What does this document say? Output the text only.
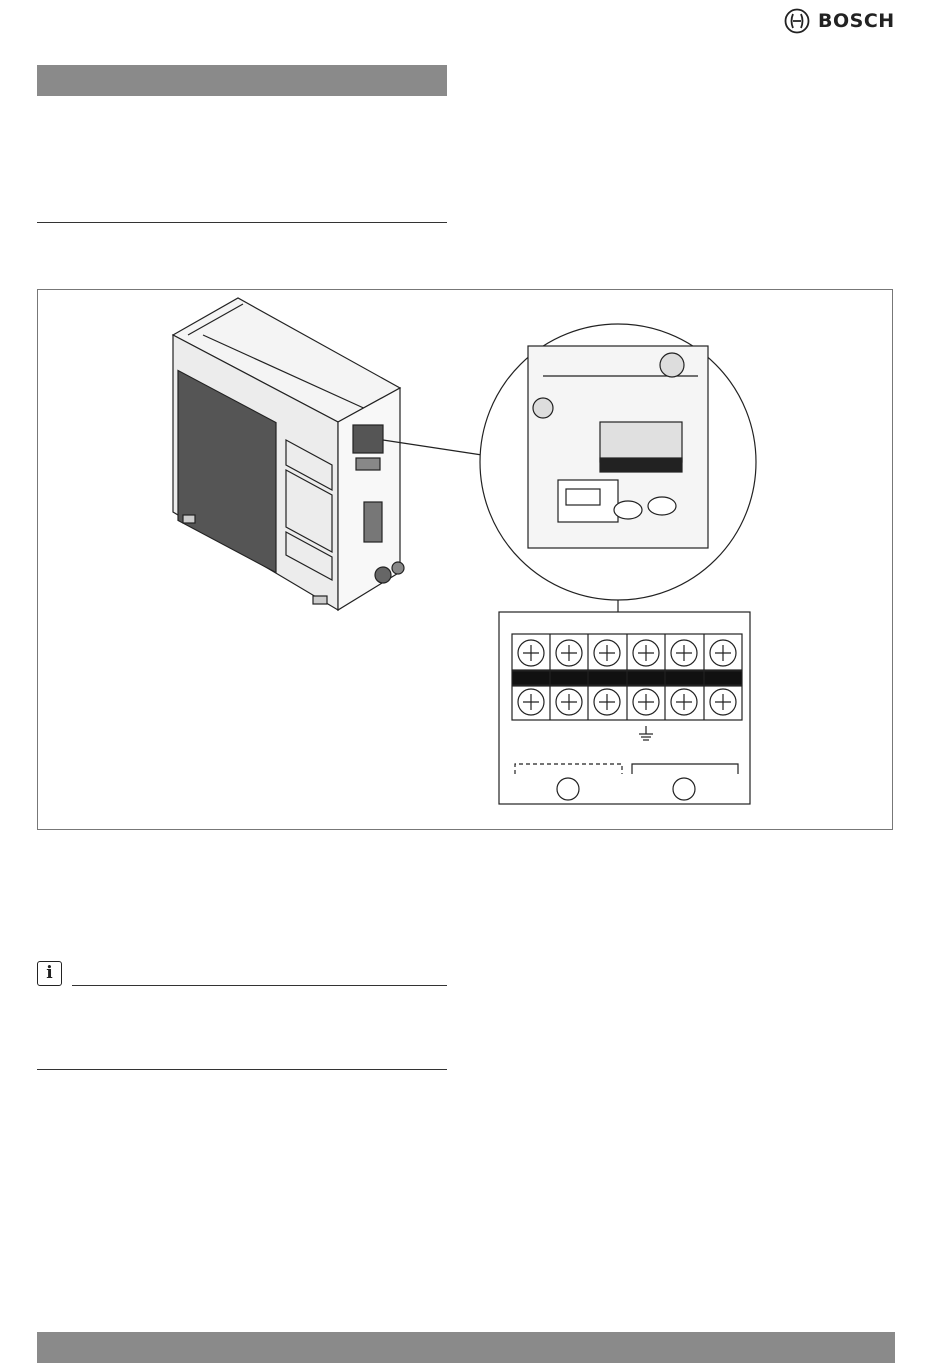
BOSCH
i
